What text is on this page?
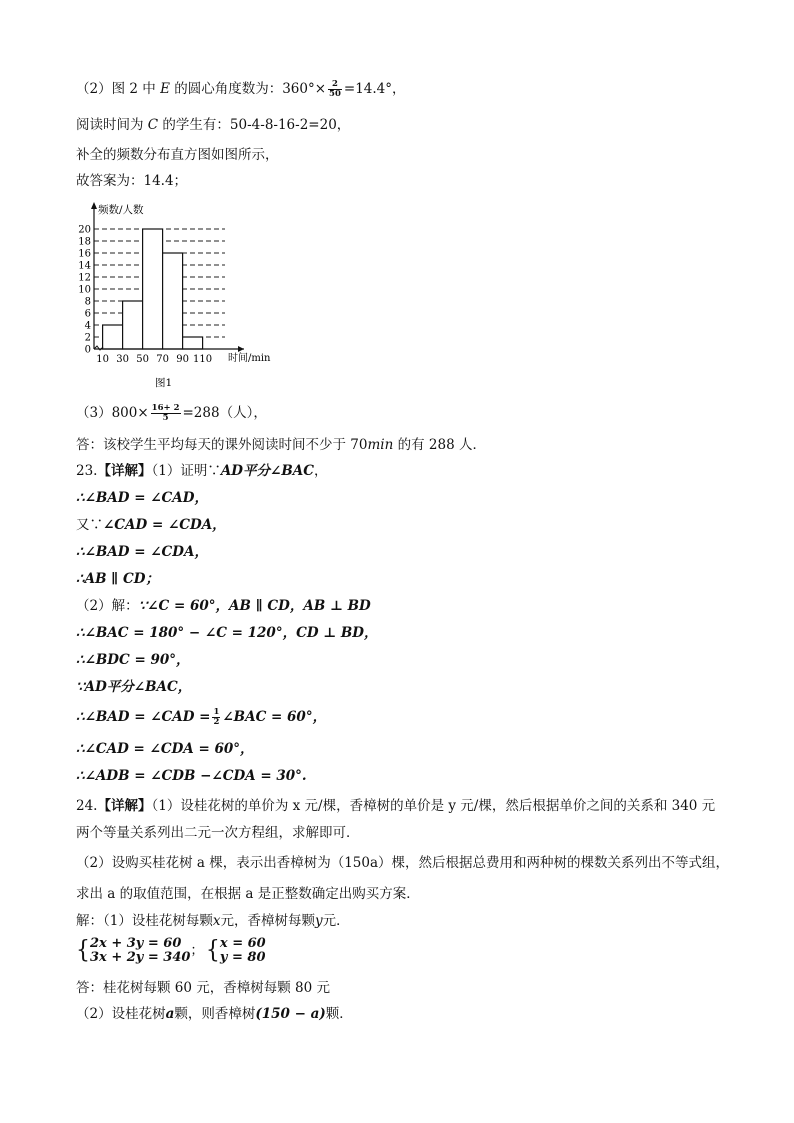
（2）图 2 中 E 的圆心角度数为：$360^\circ\times \frac{2}{50} =14.4^\circ$，
阅读时间为 C 的学生有：50-4-8-16-2=20，
补全的频数分布直方图如图所示，
故答案为：14.4；
0
2
4
6
8
10
12
14
16
18
20
10 30 50 70 90 110
频数/人数
时间/min
图1
$(3)800\times \frac{16+ 2}{5} =288$（人），
答：该校学生平均每天的课外阅读时间不少于 70min 的有 288 人．
23.【详解】（1）证明∵AD平分∠BAC，
∴∠BAD = ∠CAD，
又∵∠CAD = ∠CDA，
∴∠BAD = ∠CDA，
∴AB ∥ CD；
（2）解：∵∠C = 60°，AB ∥ CD，AB ⊥ BD
∴∠BAC = 180° − ∠C = 120°，CD ⊥ BD，
∴∠BDC = 90°，
∵AD平分∠BAC，
∴∠BAD = ∠CAD = $\frac{1}{2}$ ∠BAC = 60°，
∴∠CAD = ∠CDA = 60°，
∴∠ADB = ∠CDB −∠CDA = 30°.
24.【详解】（1）设桂花树的单价为 x 元/棵，香樟树的单价是 y 元/棵，然后根据单价之间的关系和 340 元
两个等量关系列出二元一次方程组，求解即可．
（2）设购买桂花树 a 棵，表示出香樟树为（150a）棵，然后根据总费用和两种树的棵数关系列出不等式组，
求出 a 的取值范围，在根据 a 是正整数确定出购买方案．
解：（1）设桂花树每颗x元，香樟树每颗y元．
{ 2x + 3y = 60
3x + 2y = 340 ；{ x = 60
y = 80
答：桂花树每颗 60 元，香樟树每颗 80 元
（2）设桂花树a颗，则香樟树(150 − a)颗．
